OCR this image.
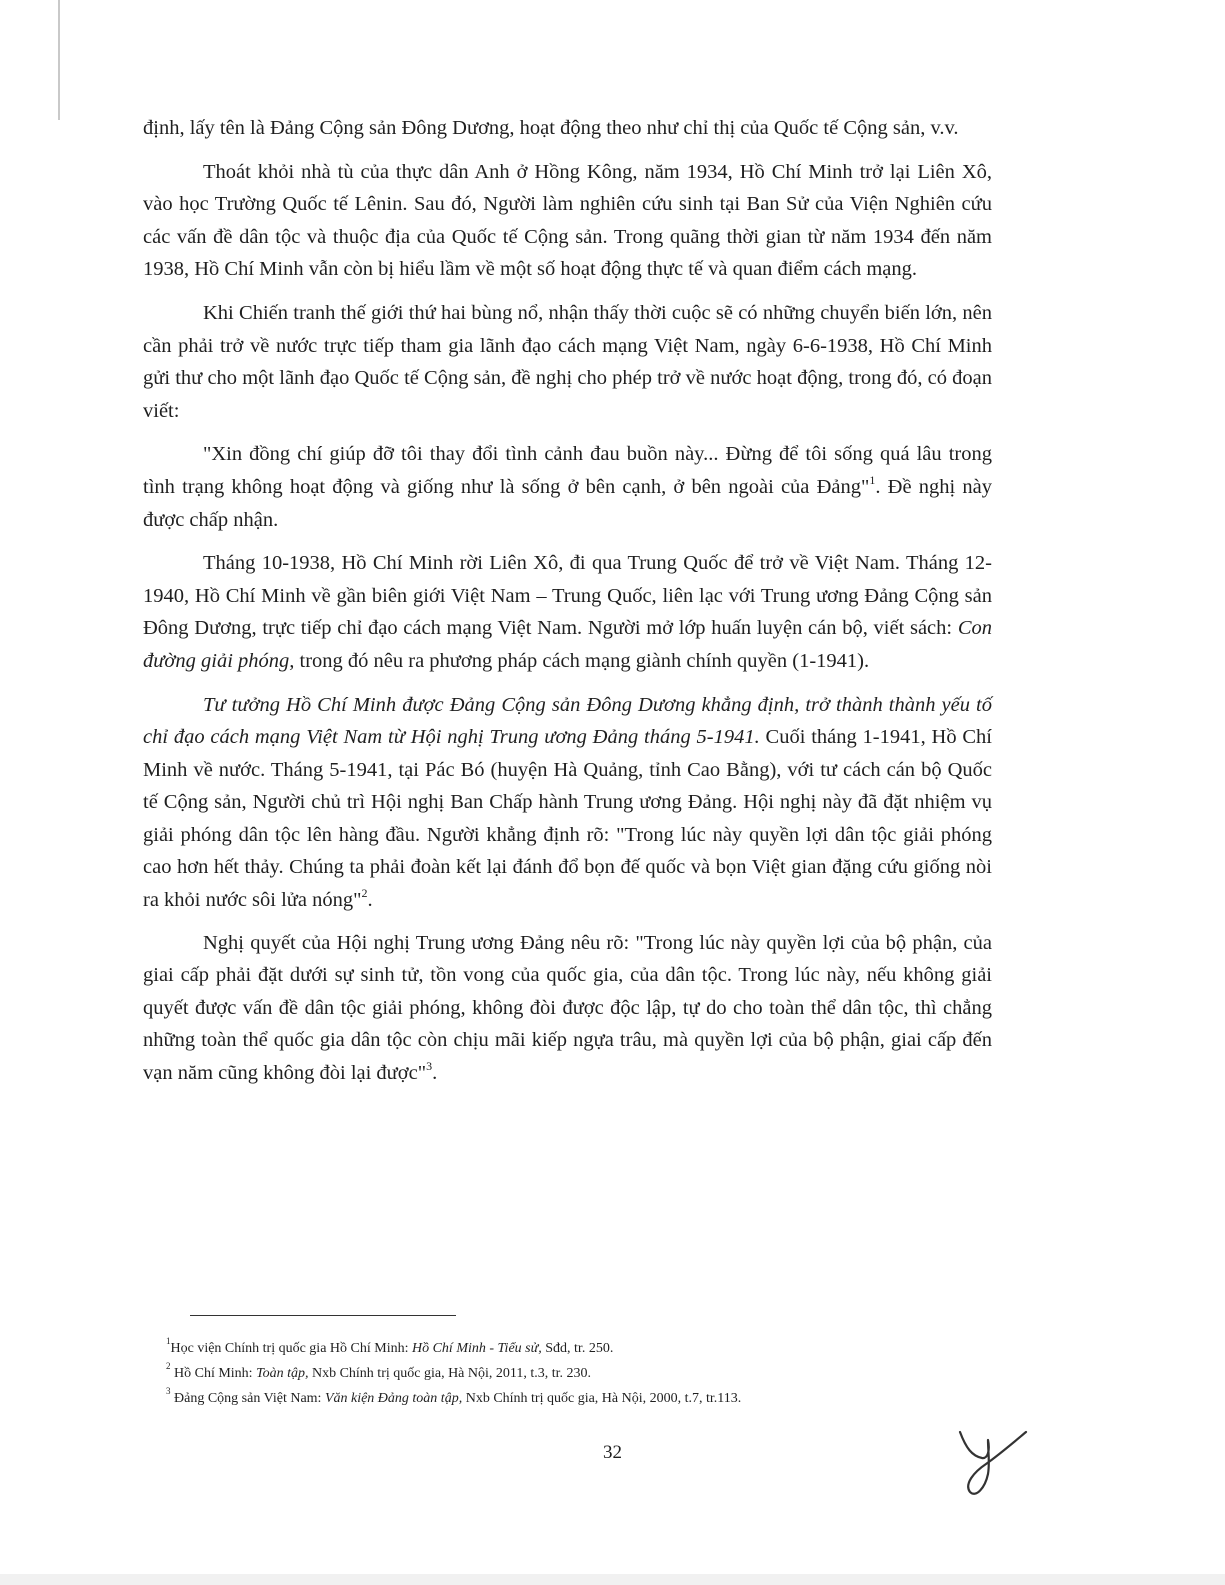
định, lấy tên là Đảng Cộng sản Đông Dương, hoạt động theo như chỉ thị của Quốc tế Cộng sản, v.v.

Thoát khỏi nhà tù của thực dân Anh ở Hồng Kông, năm 1934, Hồ Chí Minh trở lại Liên Xô, vào học Trường Quốc tế Lênin. Sau đó, Người làm nghiên cứu sinh tại Ban Sử của Viện Nghiên cứu các vấn đề dân tộc và thuộc địa của Quốc tế Cộng sản. Trong quãng thời gian từ năm 1934 đến năm 1938, Hồ Chí Minh vẫn còn bị hiểu lầm về một số hoạt động thực tế và quan điểm cách mạng.

Khi Chiến tranh thế giới thứ hai bùng nổ, nhận thấy thời cuộc sẽ có những chuyển biến lớn, nên cần phải trở về nước trực tiếp tham gia lãnh đạo cách mạng Việt Nam, ngày 6-6-1938, Hồ Chí Minh gửi thư cho một lãnh đạo Quốc tế Cộng sản, đề nghị cho phép trở về nước hoạt động, trong đó, có đoạn viết:

"Xin đồng chí giúp đỡ tôi thay đổi tình cảnh đau buồn này... Đừng để tôi sống quá lâu trong tình trạng không hoạt động và giống như là sống ở bên cạnh, ở bên ngoài của Đảng"$^1$. Đề nghị này được chấp nhận.

Tháng 10-1938, Hồ Chí Minh rời Liên Xô, đi qua Trung Quốc để trở về Việt Nam. Tháng 12-1940, Hồ Chí Minh về gần biên giới Việt Nam – Trung Quốc, liên lạc với Trung ương Đảng Cộng sản Đông Dương, trực tiếp chỉ đạo cách mạng Việt Nam. Người mở lớp huấn luyện cán bộ, viết sách: Con đường giải phóng, trong đó nêu ra phương pháp cách mạng giành chính quyền (1-1941).

Tư tưởng Hồ Chí Minh được Đảng Cộng sản Đông Dương khẳng định, trở thành thành yếu tố chỉ đạo cách mạng Việt Nam từ Hội nghị Trung ương Đảng tháng 5-1941. Cuối tháng 1-1941, Hồ Chí Minh về nước. Tháng 5-1941, tại Pác Bó (huyện Hà Quảng, tỉnh Cao Bằng), với tư cách cán bộ Quốc tế Cộng sản, Người chủ trì Hội nghị Ban Chấp hành Trung ương Đảng. Hội nghị này đã đặt nhiệm vụ giải phóng dân tộc lên hàng đầu. Người khẳng định rõ: "Trong lúc này quyền lợi dân tộc giải phóng cao hơn hết thảy. Chúng ta phải đoàn kết lại đánh đổ bọn đế quốc và bọn Việt gian đặng cứu giống nòi ra khỏi nước sôi lửa nóng"$^2$.

Nghị quyết của Hội nghị Trung ương Đảng nêu rõ: "Trong lúc này quyền lợi của bộ phận, của giai cấp phải đặt dưới sự sinh tử, tồn vong của quốc gia, của dân tộc. Trong lúc này, nếu không giải quyết được vấn đề dân tộc giải phóng, không đòi được độc lập, tự do cho toàn thể dân tộc, thì chẳng những toàn thể quốc gia dân tộc còn chịu mãi kiếp ngựa trâu, mà quyền lợi của bộ phận, giai cấp đến vạn năm cũng không đòi lại được"$^3$.

$^1$Học viện Chính trị quốc gia Hồ Chí Minh: Hồ Chí Minh - Tiểu sử, Sđd, tr. 250.

$^2$ Hồ Chí Minh: Toàn tập, Nxb Chính trị quốc gia, Hà Nội, 2011, t.3, tr. 230.

$^3$ Đảng Cộng sản Việt Nam: Văn kiện Đảng toàn tập, Nxb Chính trị quốc gia, Hà Nội, 2000, t.7, tr.113.

32
